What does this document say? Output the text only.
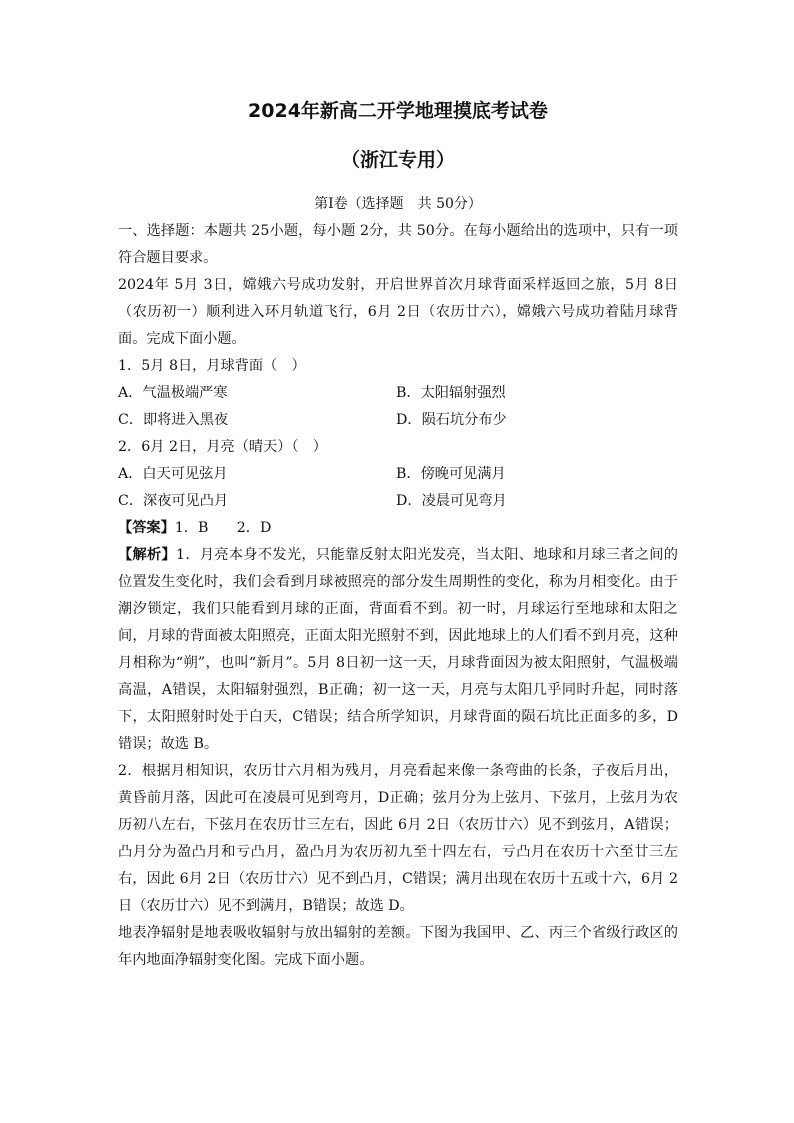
2024年新高二开学地理摸底考试卷
（浙江专用）
第Ⅰ卷（选择题　共 50分）

一、选择题：本题共 25小题，每小题 2分，共 50分。在每小题给出的选项中，只有一项符合题目要求。

2024年 5月 3日，嫦娥六号成功发射，开启世界首次月球背面采样返回之旅，5月 8日（农历初一）顺利进入环月轨道飞行，6月 2日（农历廿六），嫦娥六号成功着陆月球背面。完成下面小题。

1．5月 8日，月球背面（　）

A．气温极端严寒	B．太阳辐射强烈
C．即将进入黑夜	D．陨石坑分布少

2．6月 2日，月亮（晴天）（　）

A．白天可见弦月	B．傍晚可见满月
C．深夜可见凸月	D．凌晨可见弯月

【答案】1．B　　2．D

【解析】1．月亮本身不发光，只能靠反射太阳光发亮，当太阳、地球和月球三者之间的位置发生变化时，我们会看到月球被照亮的部分发生周期性的变化，称为月相变化。由于潮汐锁定，我们只能看到月球的正面，背面看不到。初一时，月球运行至地球和太阳之间，月球的背面被太阳照亮，正面太阳光照射不到，因此地球上的人们看不到月亮，这种月相称为“朔”，也叫“新月”。5月 8日初一这一天，月球背面因为被太阳照射，气温极端高温，A错误，太阳辐射强烈，B正确；初一这一天，月亮与太阳几乎同时升起，同时落下，太阳照射时处于白天，C错误；结合所学知识，月球背面的陨石坑比正面多的多，D错误；故选 B。

2．根据月相知识，农历廿六月相为残月，月亮看起来像一条弯曲的长条，子夜后月出，黄昏前月落，因此可在凌晨可见到弯月，D正确；弦月分为上弦月、下弦月，上弦月为农历初八左右，下弦月在农历廿三左右，因此 6月 2日（农历廿六）见不到弦月，A错误；凸月分为盈凸月和亏凸月，盈凸月为农历初九至十四左右，亏凸月在农历十六至廿三左右，因此 6月 2日（农历廿六）见不到凸月，C错误；满月出现在农历十五或十六，6月 2日（农历廿六）见不到满月，B错误；故选 D。

地表净辐射是地表吸收辐射与放出辐射的差额。下图为我国甲、乙、丙三个省级行政区的年内地面净辐射变化图。完成下面小题。
